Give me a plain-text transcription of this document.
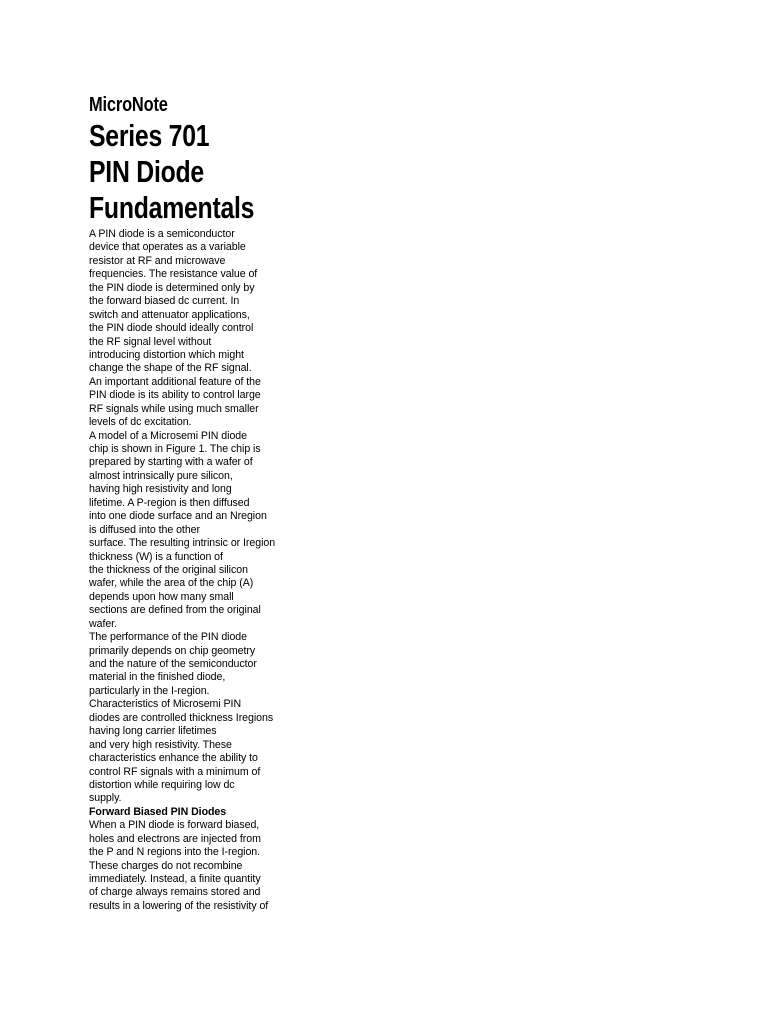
MicroNote
Series 701
PIN Diode
Fundamentals
A PIN diode is a semiconductor
device that operates as a variable
resistor at RF and microwave
frequencies. The resistance value of
the PIN diode is determined only by
the forward biased dc current. In
switch and attenuator applications,
the PIN diode should ideally control
the RF signal level without
introducing distortion which might
change the shape of the RF signal.
An important additional feature of the
PIN diode is its ability to control large
RF signals while using much smaller
levels of dc excitation.
A model of a Microsemi PIN diode
chip is shown in Figure 1. The chip is
prepared by starting with a wafer of
almost intrinsically pure silicon,
having high resistivity and long
lifetime. A P-region is then diffused
into one diode surface and an Nregion
is diffused into the other
surface. The resulting intrinsic or Iregion
thickness (W) is a function of
the thickness of the original silicon
wafer, while the area of the chip (A)
depends upon how many small
sections are defined from the original
wafer.
The performance of the PIN diode
primarily depends on chip geometry
and the nature of the semiconductor
material in the finished diode,
particularly in the I-region.
Characteristics of Microsemi PIN
diodes are controlled thickness Iregions
having long carrier lifetimes
and very high resistivity. These
characteristics enhance the ability to
control RF signals with a minimum of
distortion while requiring low dc
supply.
Forward Biased PIN Diodes
When a PIN diode is forward biased,
holes and electrons are injected from
the P and N regions into the I-region.
These charges do not recombine
immediately. Instead, a finite quantity
of charge always remains stored and
results in a lowering of the resistivity of
